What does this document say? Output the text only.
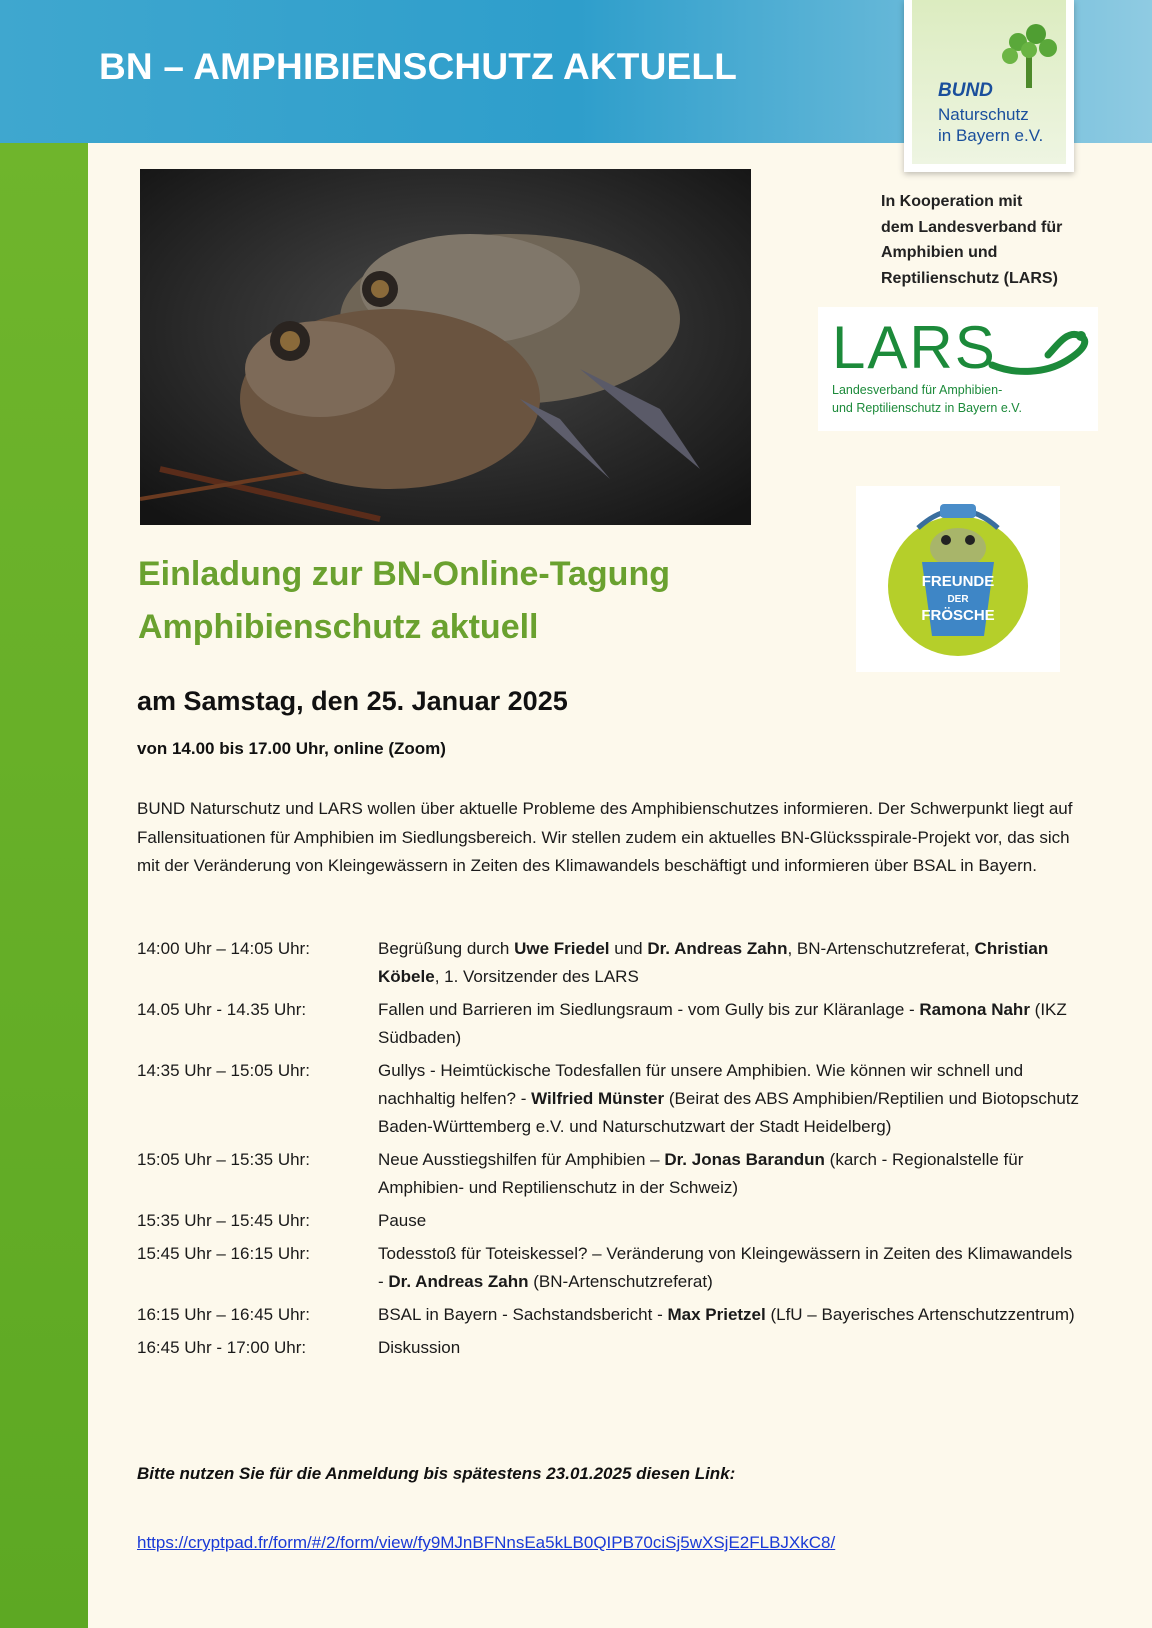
BN – AMPHIBIENSCHUTZ AKTUELL
BUND
Naturschutz
in Bayern e.V.
In Kooperation mit
dem Landesverband für
Amphibien und
Reptilienschutz (LARS)
LARS
Landesverband für Amphibien-
und Reptilienschutz in Bayern e.V.
FREUNDE
DER
FRÖSCHE
Einladung zur BN-Online-Tagung
Amphibienschutz aktuell
am Samstag, den 25. Januar 2025
von 14.00 bis 17.00 Uhr, online (Zoom)
BUND Naturschutz und LARS wollen über aktuelle Probleme des Amphibienschutzes informieren. Der Schwerpunkt liegt auf Fallensituationen für Amphibien im Siedlungsbereich. Wir stellen zudem ein aktuelles BN-Glücksspirale-Projekt vor, das sich mit der Veränderung von Kleingewässern in Zeiten des Klimawandels beschäftigt und informieren über BSAL in Bayern.
14:00 Uhr – 14:05 Uhr:	Begrüßung durch Uwe Friedel und Dr. Andreas Zahn, BN-Artenschutzreferat, Christian Köbele, 1. Vorsitzender des LARS
14.05 Uhr - 14.35 Uhr:	Fallen und Barrieren im Siedlungsraum - vom Gully bis zur Kläranlage - Ramona Nahr (IKZ Südbaden)
14:35 Uhr – 15:05 Uhr:	Gullys - Heimtückische Todesfallen für unsere Amphibien. Wie können wir schnell und nachhaltig helfen? - Wilfried Münster (Beirat des ABS Amphibien/Reptilien und Biotopschutz Baden-Württemberg e.V. und Naturschutzwart der Stadt Heidelberg)
15:05 Uhr – 15:35 Uhr:	Neue Ausstiegshilfen für Amphibien – Dr. Jonas Barandun (karch - Regionalstelle für Amphibien- und Reptilienschutz in der Schweiz)
15:35 Uhr – 15:45 Uhr:	Pause
15:45 Uhr – 16:15 Uhr:	Todesstoß für Toteiskessel? – Veränderung von Kleingewässern in Zeiten des Klimawandels - Dr. Andreas Zahn (BN-Artenschutzreferat)
16:15 Uhr – 16:45 Uhr:	BSAL in Bayern - Sachstandsbericht - Max Prietzel (LfU – Bayerisches Artenschutzzentrum)
16:45 Uhr - 17:00 Uhr:	Diskussion
Bitte nutzen Sie für die Anmeldung bis spätestens 23.01.2025 diesen Link:
https://cryptpad.fr/form/#/2/form/view/fy9MJnBFNnsEa5kLB0QIPB70ciSj5wXSjE2FLBJXkC8/
